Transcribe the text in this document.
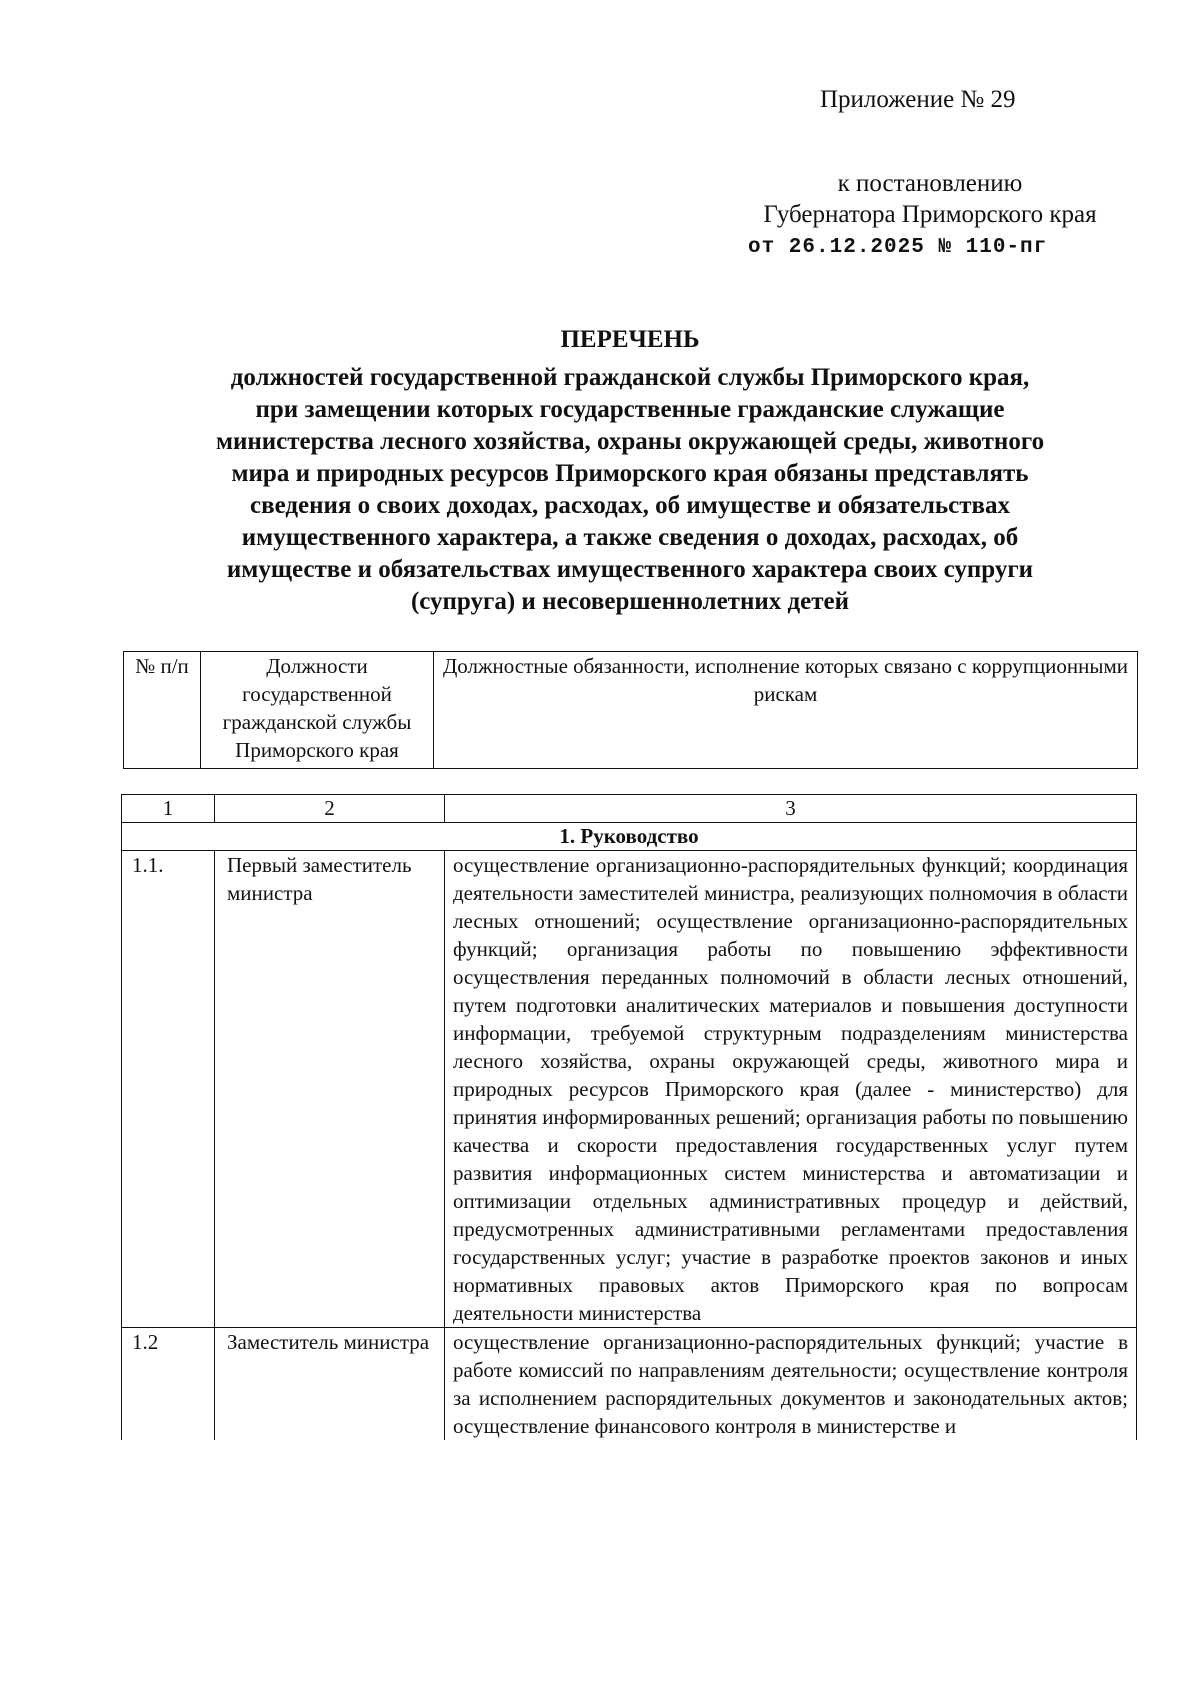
Приложение № 29
к постановлению
Губернатора Приморского края
от 26.12.2025 № 110-пг
ПЕРЕЧЕНЬ
должностей государственной гражданской службы Приморского края,
при замещении которых государственные гражданские служащие
министерства лесного хозяйства, охраны окружающей среды, животного
мира и природных ресурсов Приморского края обязаны представлять
сведения о своих доходах, расходах, об имуществе и обязательствах
имущественного характера, а также сведения о доходах, расходах, об
имуществе и обязательствах имущественного характера своих супруги
(супруга) и несовершеннолетних детей
№ п/п	Должности государственной гражданской службы Приморского края	Должностные обязанности, исполнение которых связано с коррупционными рискам
1	2	3
1. Руководство		
1.1.	Первый заместитель министра	осуществление организационно-распорядительных функций; координация деятельности заместителей министра, реализующих полномочия в области лесных отношений; осуществление организационно-распорядительных функций; организация работы по повышению эффективности осуществления переданных полномочий в области лесных отношений, путем подготовки аналитических материалов и повышения доступности информации, требуемой структурным подразделениям министерства лесного хозяйства, охраны окружающей среды, животного мира и природных ресурсов Приморского края (далее - министерство) для принятия информированных решений; организация работы по повышению качества и скорости предоставления государственных услуг путем развития информационных систем министерства и автоматизации и оптимизации отдельных административных процедур и действий, предусмотренных административными регламентами предоставления государственных услуг; участие в разработке проектов законов и иных нормативных правовых актов Приморского края по вопросам деятельности министерства
1.2	Заместитель министра	осуществление организационно-распорядительных функций; участие в работе комиссий по направлениям деятельности; осуществление контроля за исполнением распорядительных документов и законодательных актов; осуществление финансового контроля в министерстве и
